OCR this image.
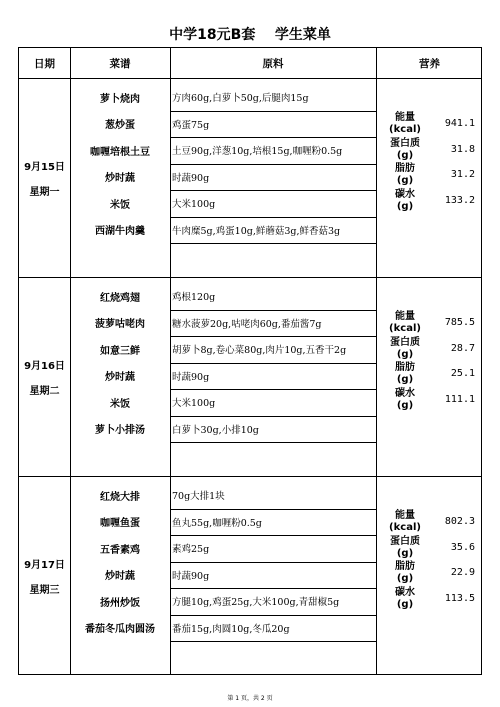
中学18元B套    学生菜单
日期	菜谱	原料	营养
9月15日
星期一
萝卜烧肉	方肉60g,白萝卜50g,后腿肉15g
葱炒蛋	鸡蛋75g
咖喱培根土豆	土豆90g,洋葱10g,培根15g,咖喱粉0.5g
炒时蔬	时蔬90g
米饭	大米100g
西湖牛肉羹	牛肉糜5g,鸡蛋10g,鲜蘑菇3g,鲜香菇3g
能量
(kcal)
941.1
蛋白质
(g)
31.8
脂肪
(g)
31.2
碳水
(g)
133.2
9月16日
星期二
红烧鸡翅	鸡根120g
菠萝咕咾肉	糖水菠萝20g,咕咾肉60g,番茄酱7g
如意三鲜	胡萝卜8g,卷心菜80g,肉片10g,五香干2g
炒时蔬	时蔬90g
米饭	大米100g
萝卜小排汤	白萝卜30g,小排10g
能量
(kcal)
785.5
蛋白质
(g)
28.7
脂肪
(g)
25.1
碳水
(g)
111.1
9月17日
星期三
红烧大排	70g大排1块
咖喱鱼蛋	鱼丸55g,咖喱粉0.5g
五香素鸡	素鸡25g
炒时蔬	时蔬90g
扬州炒饭	方腿10g,鸡蛋25g,大米100g,青甜椒5g
番茄冬瓜肉圆汤	番茄15g,肉圆10g,冬瓜20g
能量
(kcal)
802.3
蛋白质
(g)
35.6
脂肪
(g)
22.9
碳水
(g)
113.5
第 1 页，共 2 页
